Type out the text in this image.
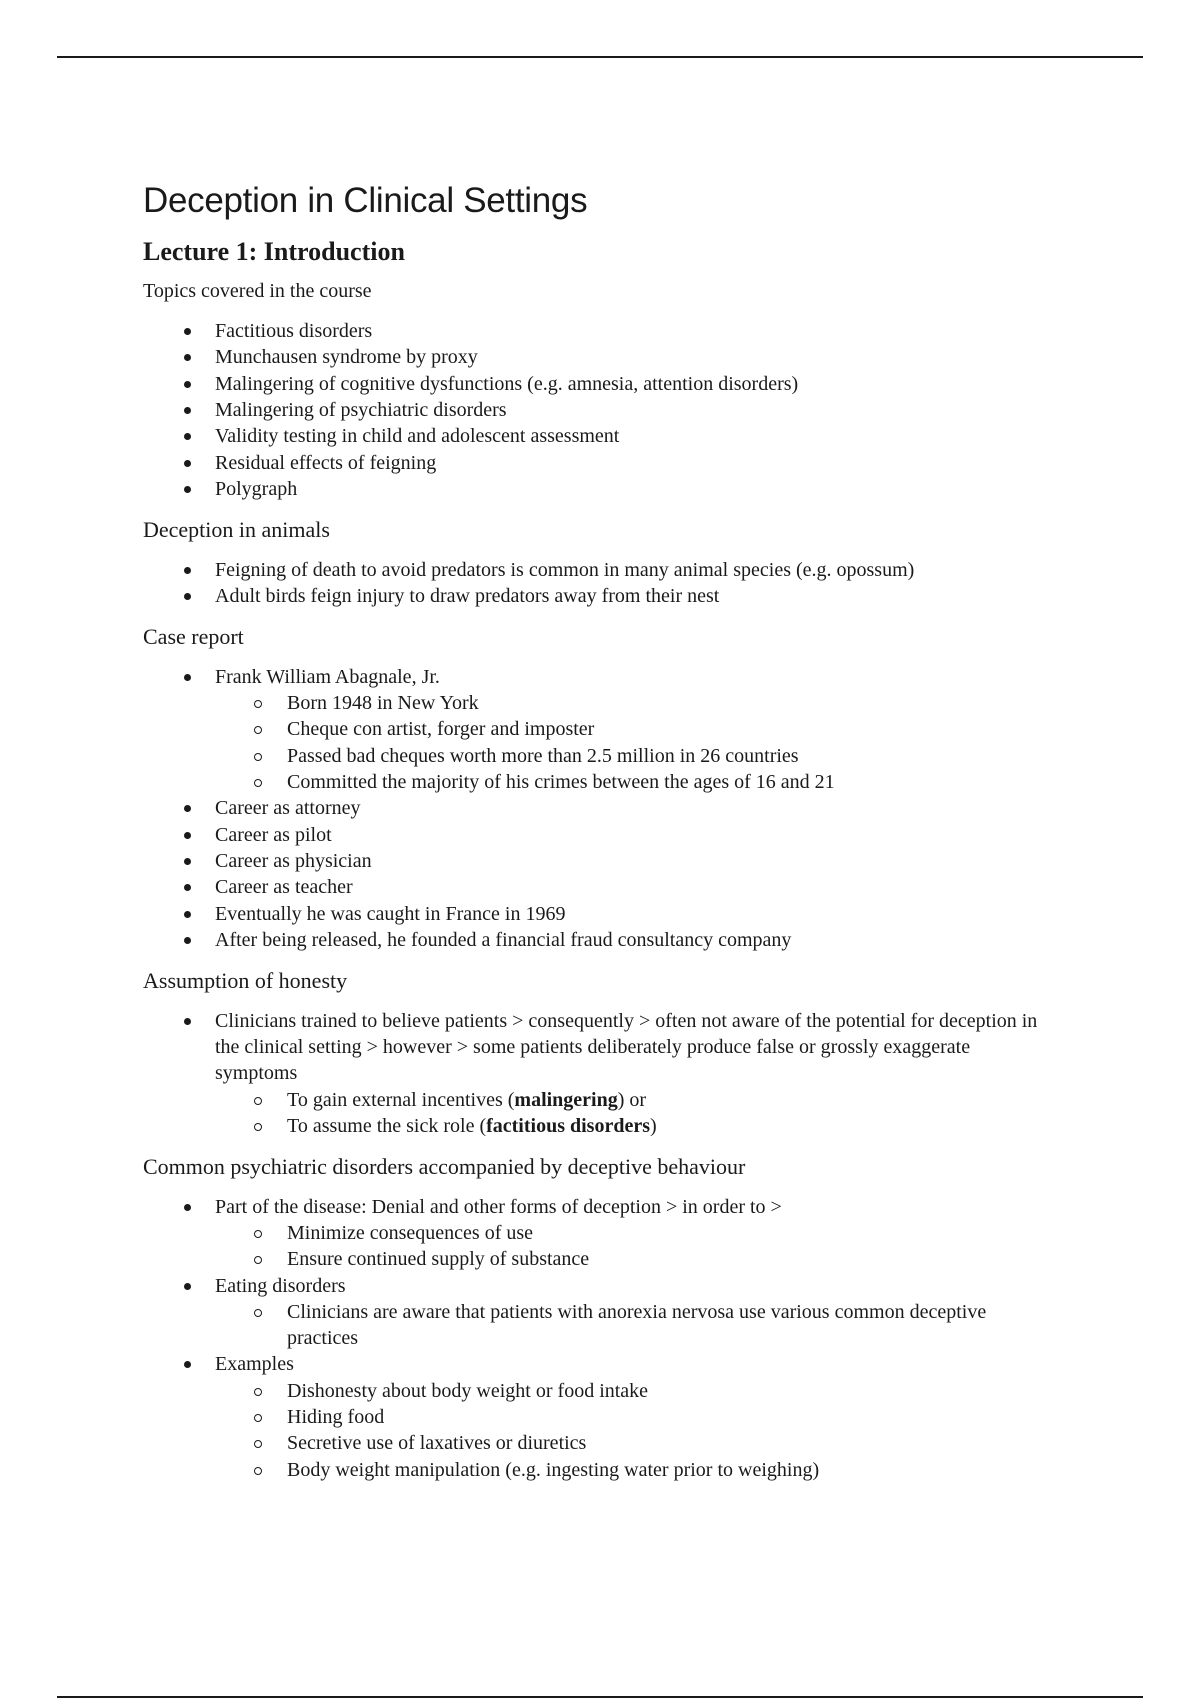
Deception in Clinical Settings
Lecture 1: Introduction
Topics covered in the course
Factitious disorders
Munchausen syndrome by proxy
Malingering of cognitive dysfunctions (e.g. amnesia, attention disorders)
Malingering of psychiatric disorders
Validity testing in child and adolescent assessment
Residual effects of feigning
Polygraph
Deception in animals
Feigning of death to avoid predators is common in many animal species (e.g. opossum)
Adult birds feign injury to draw predators away from their nest
Case report
Frank William Abagnale, Jr.
Born 1948 in New York
Cheque con artist, forger and imposter
Passed bad cheques worth more than 2.5 million in 26 countries
Committed the majority of his crimes between the ages of 16 and 21
Career as attorney
Career as pilot
Career as physician
Career as teacher
Eventually he was caught in France in 1969
After being released, he founded a financial fraud consultancy company
Assumption of honesty
Clinicians trained to believe patients > consequently > often not aware of the potential for deception in the clinical setting > however > some patients deliberately produce false or grossly exaggerate symptoms
To gain external incentives (malingering) or
To assume the sick role (factitious disorders)
Common psychiatric disorders accompanied by deceptive behaviour
Part of the disease: Denial and other forms of deception > in order to >
Minimize consequences of use
Ensure continued supply of substance
Eating disorders
Clinicians are aware that patients with anorexia nervosa use various common deceptive practices
Examples
Dishonesty about body weight or food intake
Hiding food
Secretive use of laxatives or diuretics
Body weight manipulation (e.g. ingesting water prior to weighing)
